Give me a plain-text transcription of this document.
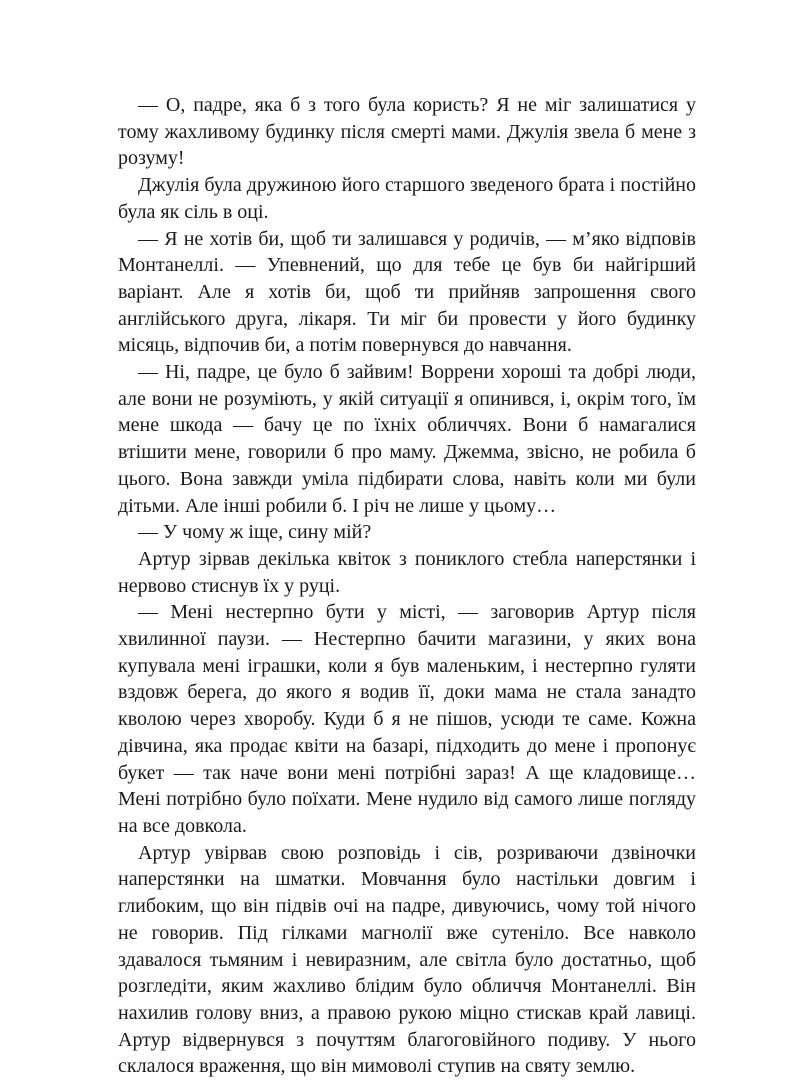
— О, падре, яка б з того була користь? Я не міг залишатися у тому жахливому будинку після смерті мами. Джулія звела б мене з розуму!

Джулія була дружиною його старшого зведеного брата і постійно була як сіль в оці.

— Я не хотів би, щоб ти залишався у родичів, — м’яко відповів Монтанеллі. — Упевнений, що для тебе це був би найгірший варіант. Але я хотів би, щоб ти прийняв запрошення свого англійського друга, лікаря. Ти міг би провести у його будинку місяць, відпочив би, а потім повернувся до навчання.

— Ні, падре, це було б зайвим! Воррени хороші та добрі люди, але вони не розуміють, у якій ситуації я опинився, і, окрім того, їм мене шкода — бачу це по їхніх обличчях. Вони б намагалися втішити мене, говорили б про маму. Джемма, звісно, не робила б цього. Вона завжди уміла підбирати слова, навіть коли ми були дітьми. Але інші робили б. І річ не лише у цьому…

— У чому ж іще, сину мій?

Артур зірвав декілька квіток з пониклого стебла наперстянки і нервово стиснув їх у руці.

— Мені нестерпно бути у місті, — заговорив Артур після хвилинної паузи. — Нестерпно бачити магазини, у яких вона купувала мені іграшки, коли я був маленьким, і нестерпно гуляти вздовж берега, до якого я водив її, доки мама не стала занадто кволою через хворобу. Куди б я не пішов, усюди те саме. Кожна дівчина, яка продає квіти на базарі, підходить до мене і пропонує букет — так наче вони мені потрібні зараз! А ще кладовище… Мені потрібно було поїхати. Мене нудило від самого лише погляду на все довкола.

Артур увірвав свою розповідь і сів, розриваючи дзвіночки наперстянки на шматки. Мовчання було настільки довгим і глибоким, що він підвів очі на падре, дивуючись, чому той нічого не говорив. Під гілками магнолії вже сутеніло. Все навколо здавалося тьмяним і невиразним, але світла було достатньо, щоб розгледіти, яким жахливо блідим було обличчя Монтанеллі. Він нахилив голову вниз, а правою рукою міцно стискав край лавиці. Артур відвернувся з почуттям благоговійного подиву. У нього склалося враження, що він мимоволі ступив на святу землю.
